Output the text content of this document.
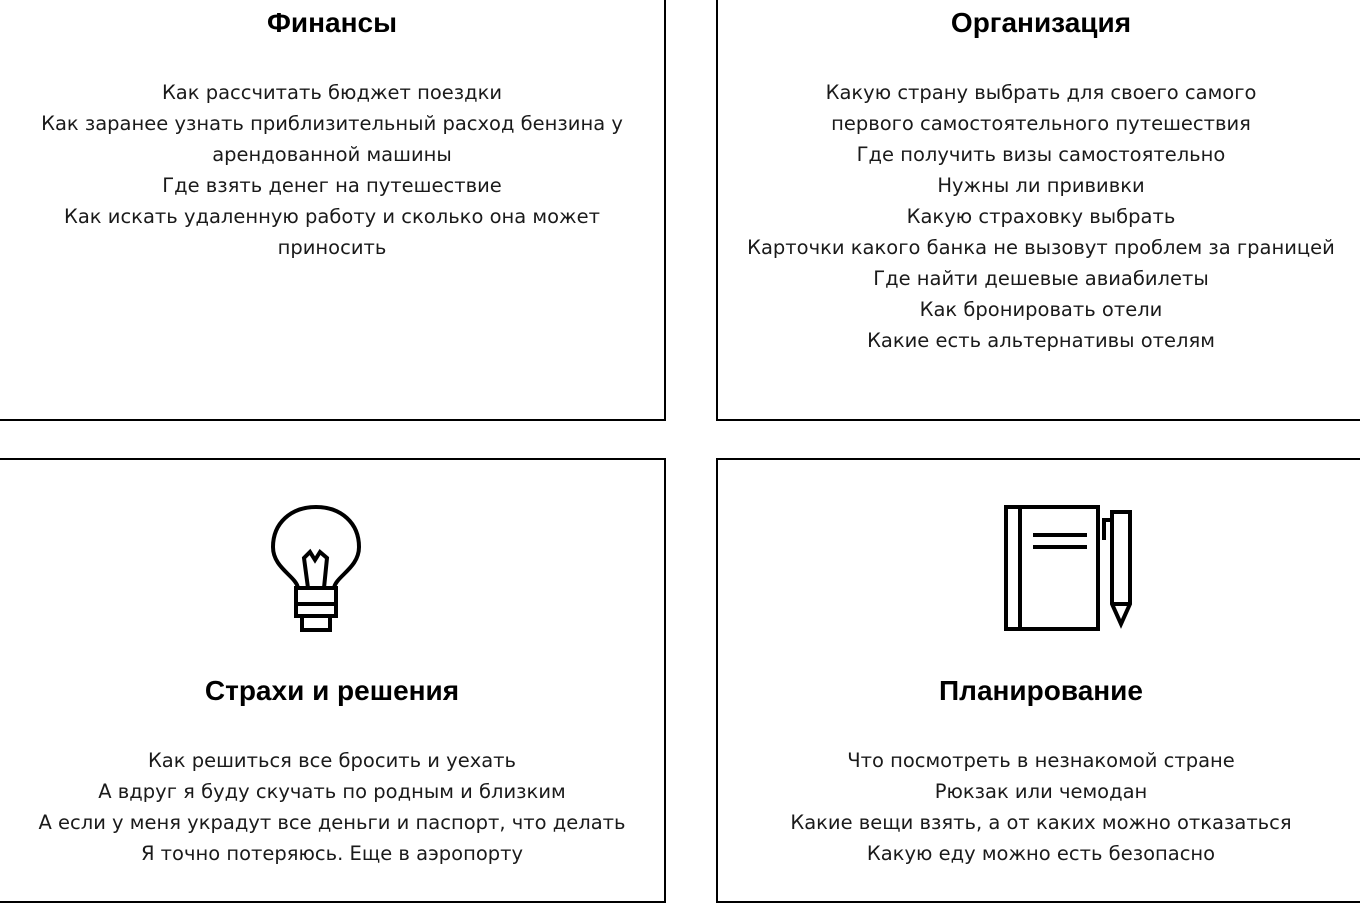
Финансы
Как рассчитать бюджет поездки
Как заранее узнать приблизительный расход бензина у арендованной машины
Где взять денег на путешествие
Как искать удаленную работу и сколько она может приносить
Организация
Какую страну выбрать для своего самого первого самостоятельного путешествия
Где получить визы самостоятельно
Нужны ли прививки
Какую страховку выбрать
Карточки какого банка не вызовут проблем за границей
Где найти дешевые авиабилеты
Как бронировать отели
Какие есть альтернативы отелям
Страхи и решения
Как решиться все бросить и уехать
А вдруг я буду скучать по родным и близким
А если у меня украдут все деньги и паспорт, что делать
Я точно потеряюсь. Еще в аэропорту
Планирование
Что посмотреть в незнакомой стране
Рюкзак или чемодан
Какие вещи взять, а от каких можно отказаться
Какую еду можно есть безопасно
